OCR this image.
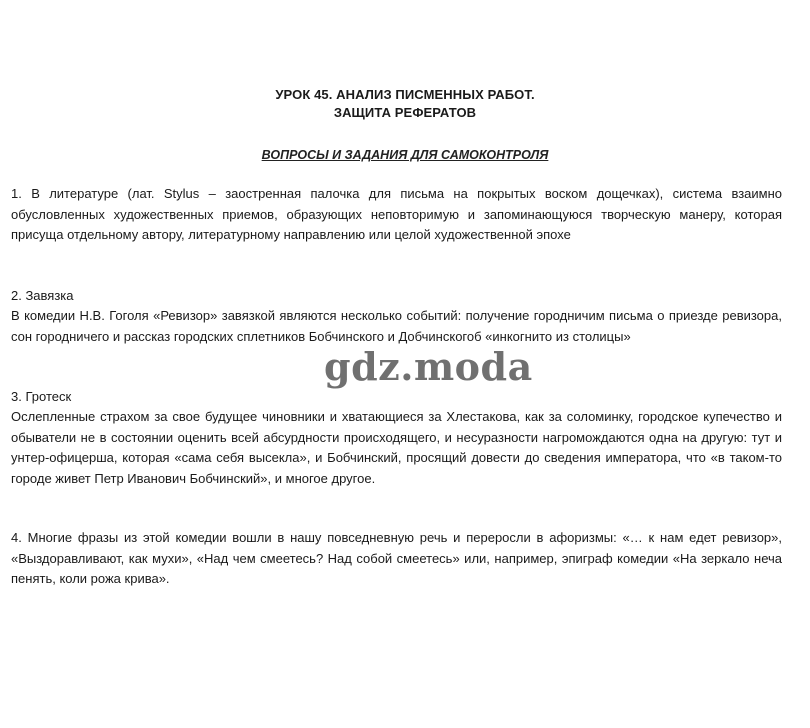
УРОК 45. АНАЛИЗ ПИСМЕННЫХ РАБОТ.
ЗАЩИТА РЕФЕРАТОВ
ВОПРОСЫ И ЗАДАНИЯ ДЛЯ САМОКОНТРОЛЯ

1. В литературе (лат. Stylus – заостренная палочка для письма на покрытых воском дощечках), система взаимно обусловленных художественных приемов, образующих неповторимую и запоминающуюся творческую манеру, которая присуща отдельному автору, литературному направлению или целой художественной эпохе

2. Завязка

В комедии Н.В. Гоголя «Ревизор» завязкой являются несколько событий: получение городничим письма о приезде ревизора, сон городничего и рассказ городских сплетников Бобчинского и Добчинскогоб «инкогнито из столицы»

3. Гротеск

Ослепленные страхом за свое будущее чиновники и хватающиеся за Хлестакова, как за соломинку, городское купечество и обыватели не в состоянии оценить всей абсурдности происходящего, и несуразности нагромождаются одна на другую: тут и унтер-офицерша, которая «сама себя высекла», и Бобчинский, просящий довести до сведения императора, что «в таком-то городе живет Петр Иванович Бобчинский», и многое другое.

4. Многие фразы из этой комедии вошли в нашу повседневную речь и переросли в афоризмы: «… к нам едет ревизор», «Выздоравливают, как мухи», «Над чем смеетесь? Над собой смеетесь» или, например, эпиграф комедии «На зеркало неча пенять, коли рожа крива».

gdz.moda
